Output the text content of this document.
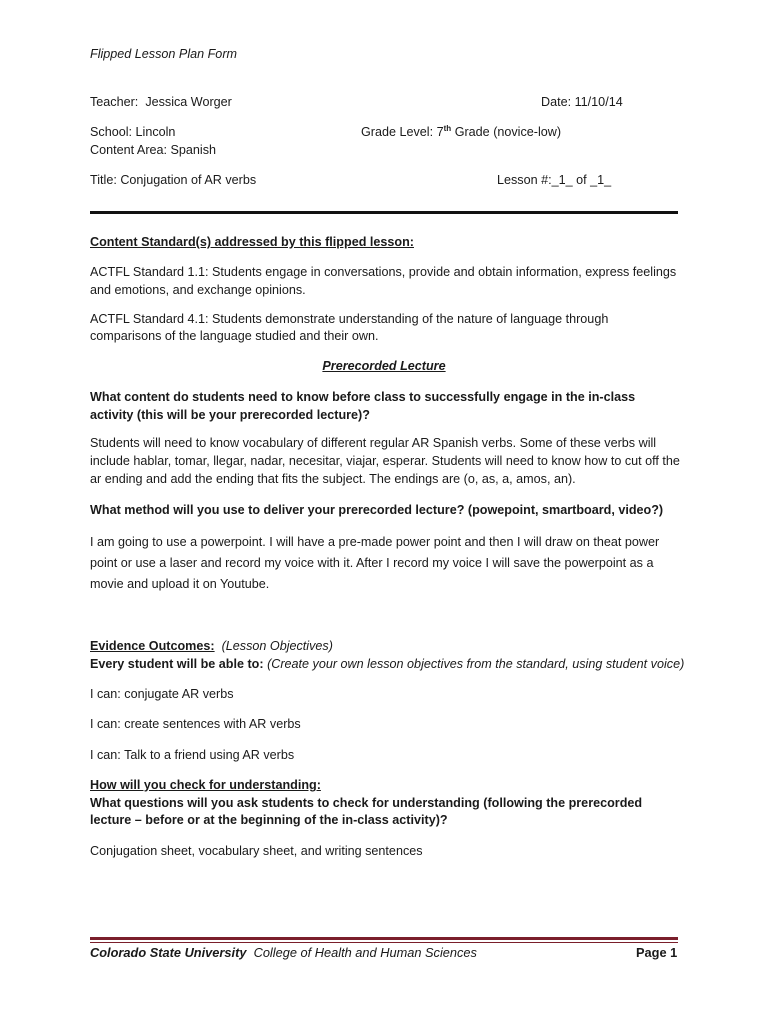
Flipped Lesson Plan Form
Teacher: Jessica Worger	Date: 11/10/14
School: Lincoln	Grade Level: 7th Grade (novice-low)
Content Area: Spanish
Title: Conjugation of AR verbs	Lesson #:_1_ of _1_
Content Standard(s) addressed by this flipped lesson:
ACTFL Standard 1.1: Students engage in conversations, provide and obtain information, express feelings and emotions, and exchange opinions.
ACTFL Standard 4.1: Students demonstrate understanding of the nature of language through comparisons of the language studied and their own.
Prerecorded Lecture
What content do students need to know before class to successfully engage in the in-class activity (this will be your prerecorded lecture)?
Students will need to know vocabulary of different regular AR Spanish verbs. Some of these verbs will include hablar, tomar, llegar, nadar, necesitar, viajar, esperar. Students will need to know how to cut off the ar ending and add the ending that fits the subject. The endings are (o, as, a, amos, an).
What method will you use to deliver your prerecorded lecture? (powepoint, smartboard, video?)
I am going to use a powerpoint. I will have a pre-made power point and then I will draw on theat power point or use a laser and record my voice with it. After I record my voice I will save the powerpoint as a movie and upload it on Youtube.
Evidence Outcomes: (Lesson Objectives)
Every student will be able to: (Create your own lesson objectives from the standard, using student voice)
I can: conjugate AR verbs
I can: create sentences with AR verbs
I can: Talk to a friend using AR verbs
How will you check for understanding:
What questions will you ask students to check for understanding (following the prerecorded lecture – before or at the beginning of the in-class activity)?
Conjugation sheet, vocabulary sheet, and writing sentences
Colorado State University College of Health and Human Sciences	Page 1
